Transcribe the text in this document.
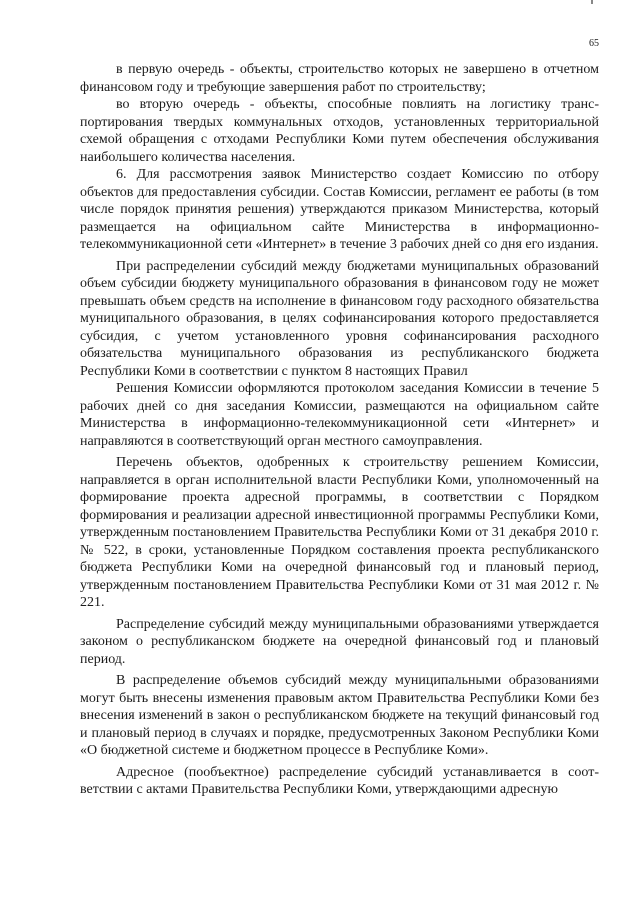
65

в первую очередь - объекты, строительство которых не завершено в отчетном финансовом году и требующие завершения работ по строительству;

во вторую очередь - объекты, способные повлиять на логистику транспортирования твердых коммунальных отходов, установленных территориальной схемой обращения с отходами Республики Коми путем обеспечения обслуживания наибольшего количества населения.

6. Для рассмотрения заявок Министерство создает Комиссию по отбору объектов для предоставления субсидии. Состав Комиссии, регламент ее работы (в том числе порядок принятия решения) утверждаются приказом Министерства, который размещается на официальном сайте Министерства в информационно-телекоммуникационной сети «Интернет» в течение 3 рабочих дней со дня его издания.

При распределении субсидий между бюджетами муниципальных образований объем субсидии бюджету муниципального образования в финансовом году не может превышать объем средств на исполнение в финансовом году расходного обязательства муниципального образования, в целях софинансирования которого предоставляется субсидия, с учетом установленного уровня софинансирования расходного обязательства муниципального образования из республиканского бюджета Республики Коми в соответствии с пунктом 8 настоящих Правил

Решения Комиссии оформляются протоколом заседания Комиссии в течение 5 рабочих дней со дня заседания Комиссии, размещаются на официальном сайте Министерства в информационно-телекоммуникационной сети «Интернет» и направляются в соответствующий орган местного самоуправления.

Перечень объектов, одобренных к строительству решением Комиссии, направляется в орган исполнительной власти Республики Коми, уполномоченный на формирование проекта адресной программы, в соответствии с Порядком формирования и реализации адресной инвестиционной программы Республики Коми, утвержденным постановлением Правительства Республики Коми от 31 декабря 2010 г. № 522, в сроки, установленные Порядком составления проекта республиканского бюджета Республики Коми на очередной финансовый год и плановый период, утвержденным постановлением Правительства Республики Коми от 31 мая 2012 г. № 221.

Распределение субсидий между муниципальными образованиями утверждается законом о республиканском бюджете на очередной финансовый год и плановый период.

В распределение объемов субсидий между муниципальными образованиями могут быть внесены изменения правовым актом Правительства Республики Коми без внесения изменений в закон о республиканском бюджете на текущий финансовый год и плановый период в случаях и порядке, предусмотренных Законом Республики Коми «О бюджетной системе и бюджетном процессе в Республике Коми».

Адресное (пообъектное) распределение субсидий устанавливается в соответствии с актами Правительства Республики Коми, утверждающими адресную
